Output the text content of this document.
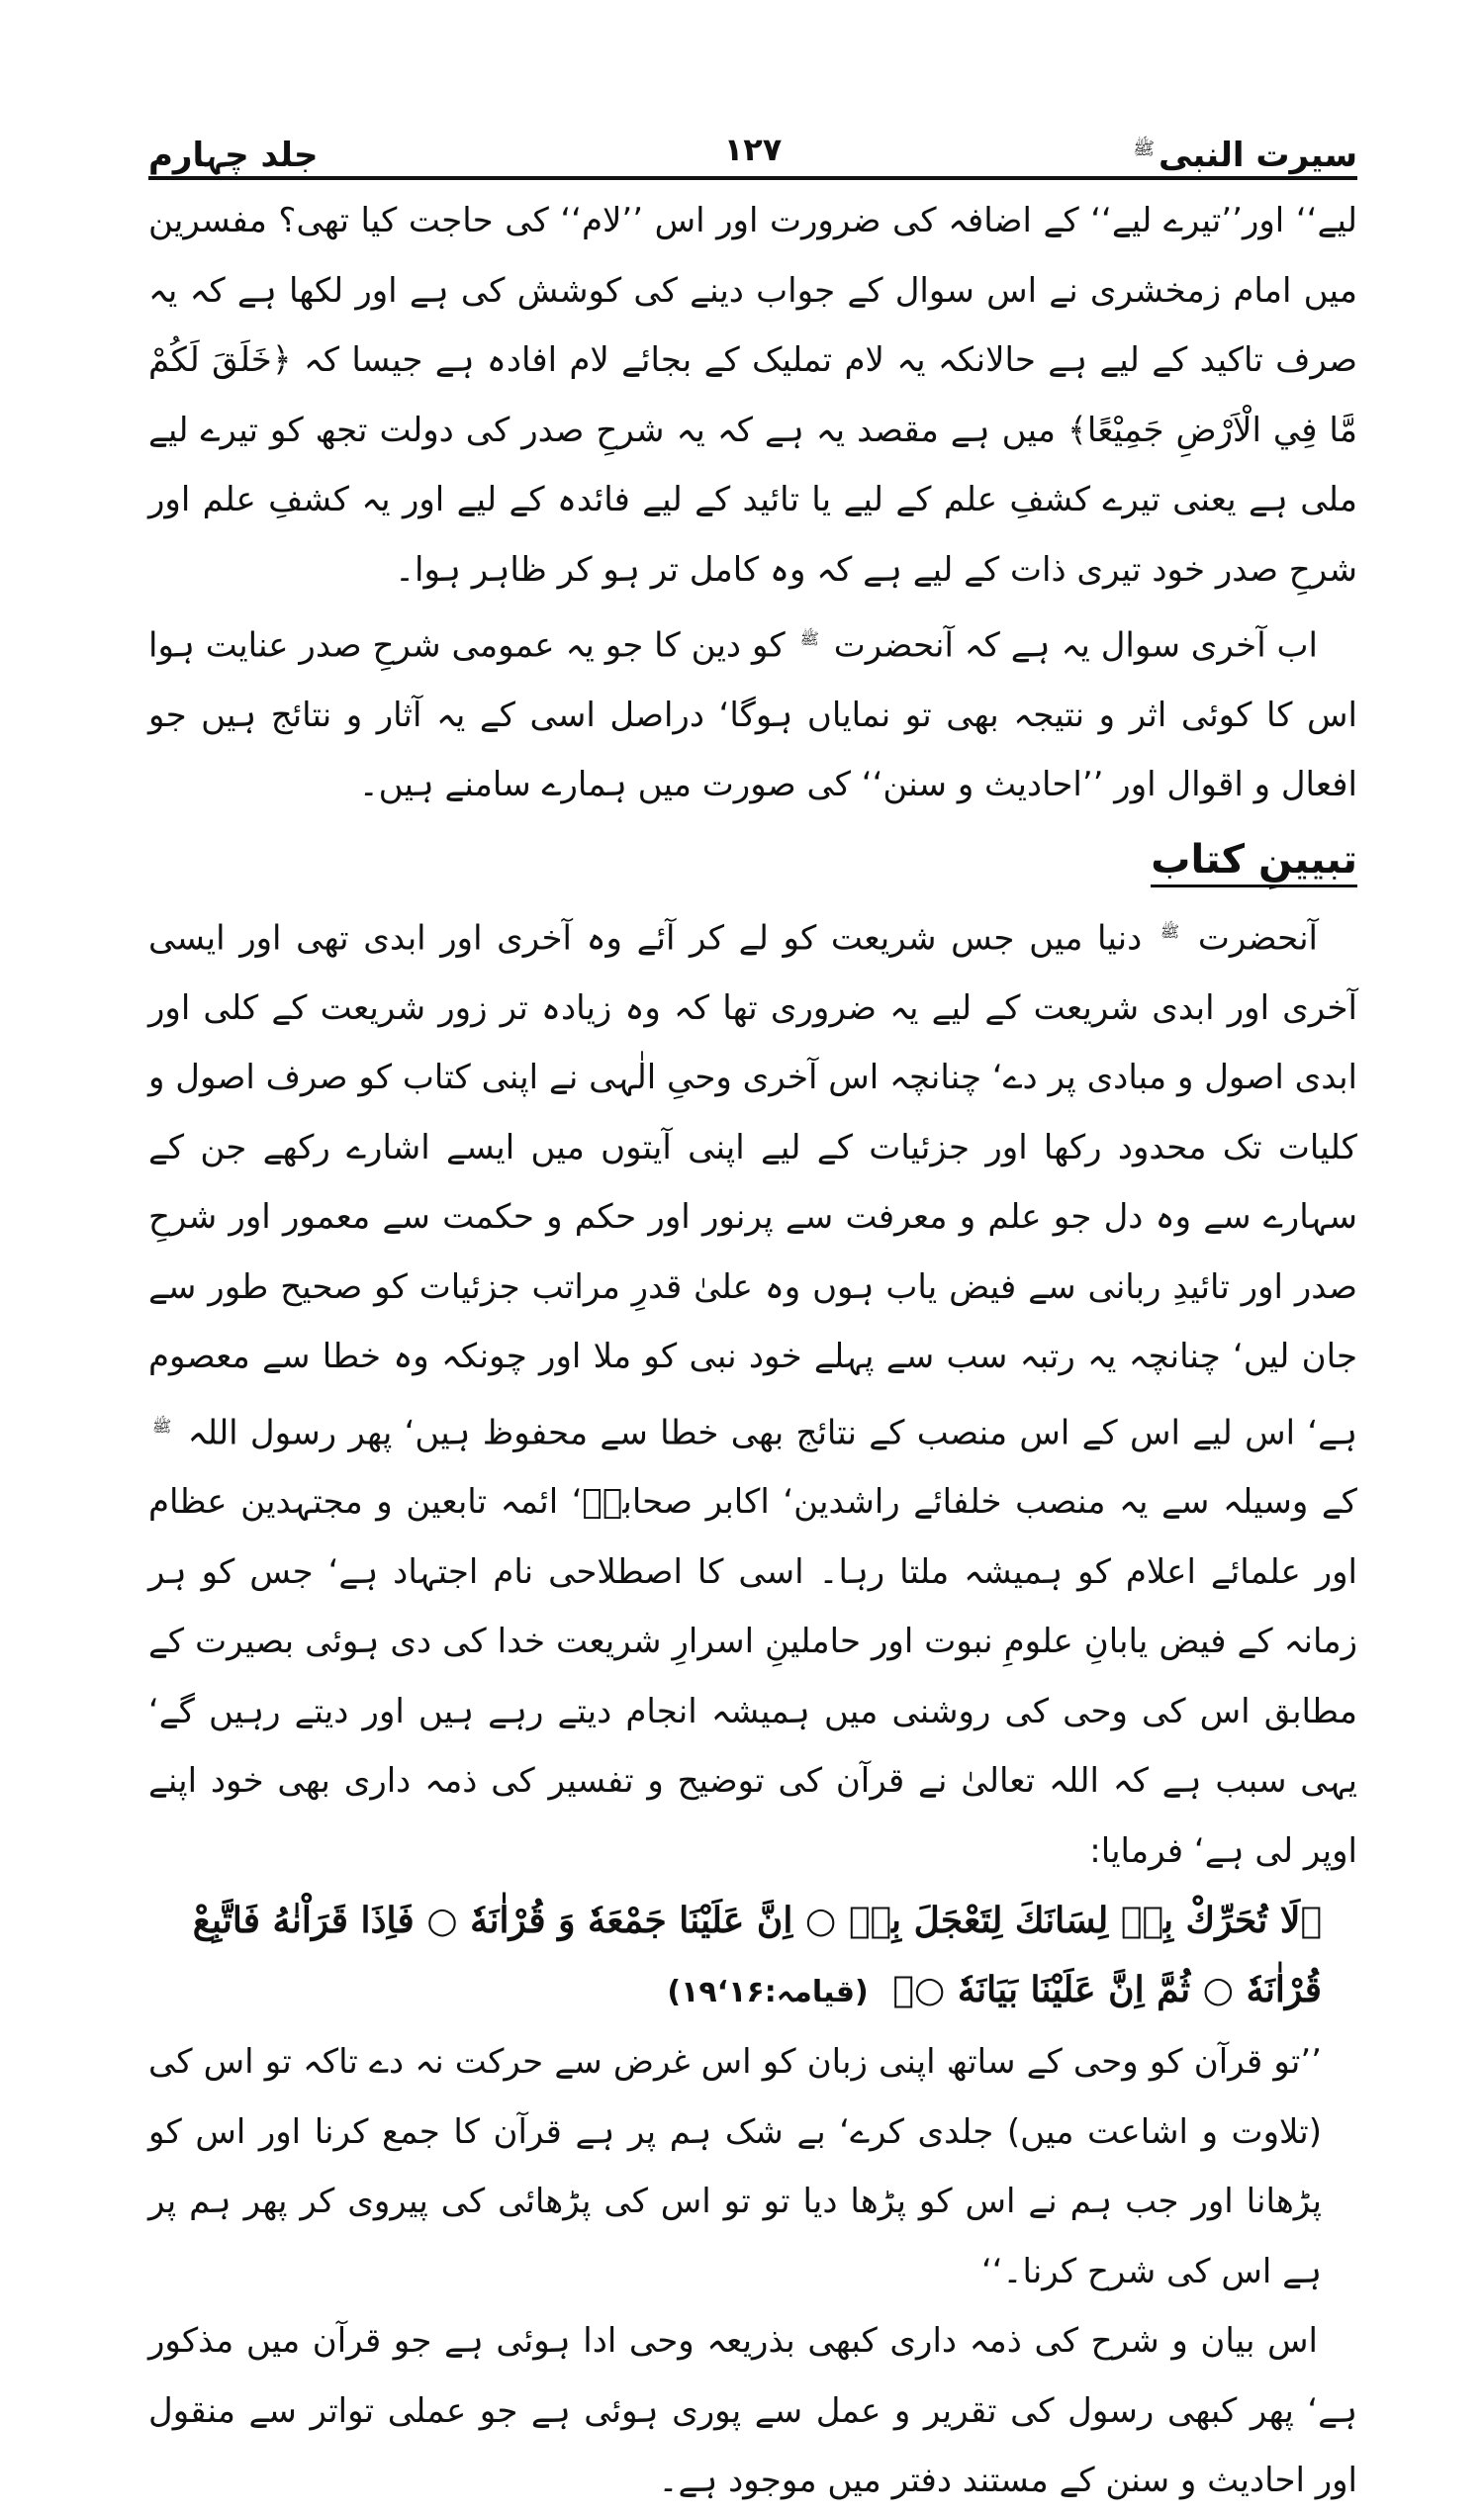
سیرت النبی$^ﷺ$
۱۲۷
جلد چہارم

لیے‘‘ اور’’تیرے لیے‘‘ کے اضافہ کی ضرورت اور اس ’’لام‘‘ کی حاجت کیا تھی؟ مفسرین میں امام زمخشری نے اس سوال کے جواب دینے کی کوشش کی ہے اور لکھا ہے کہ یہ صرف تاکید کے لیے ہے حالانکہ یہ لام تملیک کے بجائے لام افادہ ہے جیسا کہ ﴿خَلَقَ لَكُمْ مَّا فِي الْاَرْضِ جَمِيْعًا﴾ میں ہے مقصد یہ ہے کہ یہ شرحِ صدر کی دولت تجھ کو تیرے لیے ملی ہے یعنی تیرے کشفِ علم کے لیے یا تائید کے لیے فائدہ کے لیے اور یہ کشفِ علم اور شرحِ صدر خود تیری ذات کے لیے ہے کہ وہ کامل تر ہو کر ظاہر ہوا۔

اب آخری سوال یہ ہے کہ آنحضرت $^ﷺ$ کو دین کا جو یہ عمومی شرحِ صدر عنایت ہوا اس کا کوئی اثر و نتیجہ بھی تو نمایاں ہوگا‘ دراصل اسی کے یہ آثار و نتائج ہیں جو افعال و اقوال اور ’’احادیث و سنن‘‘ کی صورت میں ہمارے سامنے ہیں۔

تبیینِ کتاب

آنحضرت $^ﷺ$ دنیا میں جس شریعت کو لے کر آئے وہ آخری اور ابدی تھی اور ایسی آخری اور ابدی شریعت کے لیے یہ ضروری تھا کہ وہ زیادہ تر زور شریعت کے کلی اور ابدی اصول و مبادی پر دے‘ چنانچہ اس آخری وحیِ الٰہی نے اپنی کتاب کو صرف اصول و کلیات تک محدود رکھا اور جزئیات کے لیے اپنی آیتوں میں ایسے اشارے رکھے جن کے سہارے سے وہ دل جو علم و معرفت سے پرنور اور حکم و حکمت سے معمور اور شرحِ صدر اور تائیدِ ربانی سے فیض یاب ہوں وہ علیٰ قدرِ مراتب جزئیات کو صحیح طور سے جان لیں‘ چنانچہ یہ رتبہ سب سے پہلے خود نبی کو ملا اور چونکہ وہ خطا سے معصوم ہے‘ اس لیے اس کے اس منصب کے نتائج بھی خطا سے محفوظ ہیں‘ پھر رسول اللہ $^ﷺ$ کے وسیلہ سے یہ منصب خلفائے راشدین‘ اکابر صحابہؓ‘ ائمہ تابعین و مجتہدین عظام اور علمائے اعلام کو ہمیشہ ملتا رہا۔ اسی کا اصطلاحی نام اجتہاد ہے‘ جس کو ہر زمانہ کے فیض یابانِ علومِ نبوت اور حاملینِ اسرارِ شریعت خدا کی دی ہوئی بصیرت کے مطابق اس کی وحی کی روشنی میں ہمیشہ انجام دیتے رہے ہیں اور دیتے رہیں گے‘ یہی سبب ہے کہ اللہ تعالیٰ نے قرآن کی توضیح و تفسیر کی ذمہ داری بھی خود اپنے اوپر لی ہے‘ فرمایا:

﴿لَا تُحَرِّكْ بِهٖ لِسَانَكَ لِتَعْجَلَ بِهٖ ○ اِنَّ عَلَيْنَا جَمْعَهٗ وَ قُرْاٰنَهٗ ○ فَاِذَا قَرَاْنٰهُ فَاتَّبِعْ قُرْاٰنَهٗ ○ ثُمَّ اِنَّ عَلَيْنَا بَيَانَهٗ ○﴾ (قیامہ:۱۶‘۱۹)

’’تو قرآن کو وحی کے ساتھ اپنی زبان کو اس غرض سے حرکت نہ دے تاکہ تو اس کی (تلاوت و اشاعت میں) جلدی کرے‘ بے شک ہم پر ہے قرآن کا جمع کرنا اور اس کو پڑھانا اور جب ہم نے اس کو پڑھا دیا تو تو اس کی پڑھائی کی پیروی کر پھر ہم پر ہے اس کی شرح کرنا۔‘‘

اس بیان و شرح کی ذمہ داری کبھی بذریعہ وحی ادا ہوئی ہے جو قرآن میں مذکور ہے‘ پھر کبھی رسول کی تقریر و عمل سے پوری ہوئی ہے جو عملی تواتر سے منقول اور احادیث و سنن کے مستند دفتر میں موجود ہے۔
